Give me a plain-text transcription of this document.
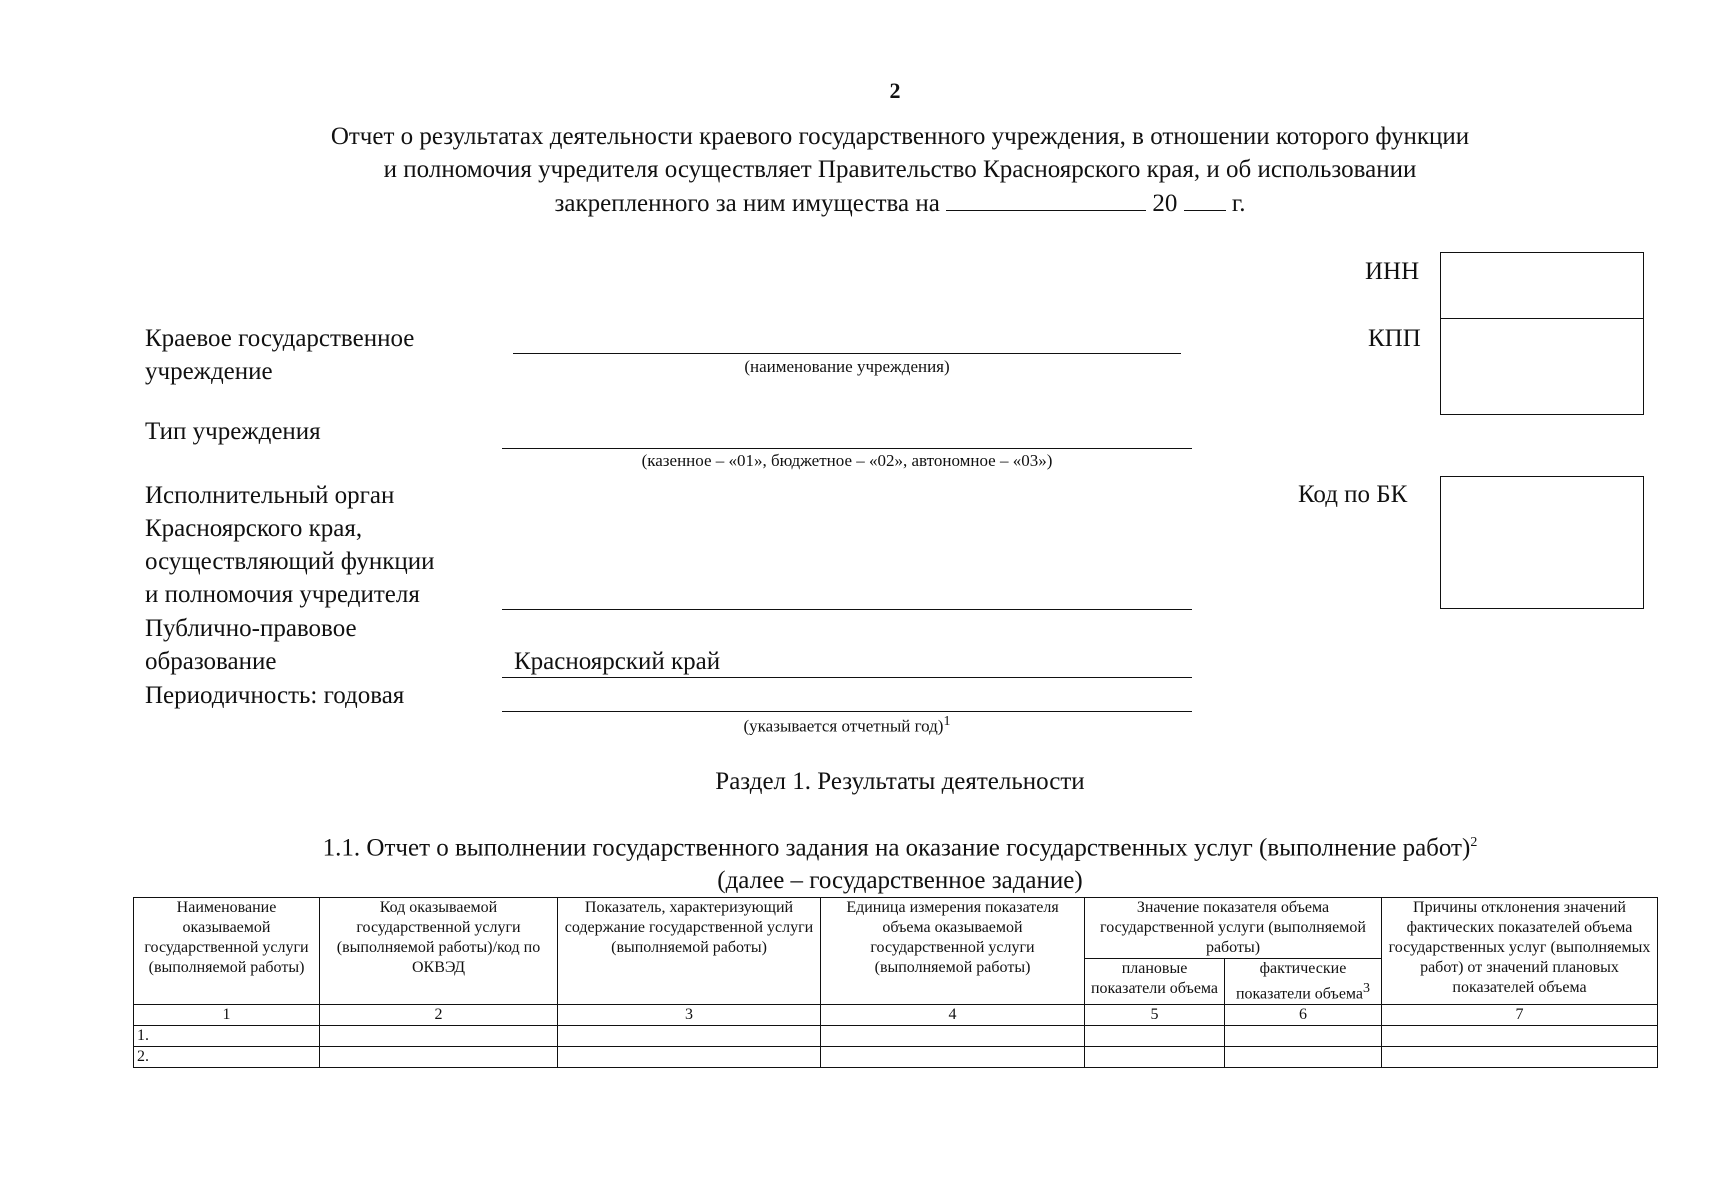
2
Отчет о результатах деятельности краевого государственного учреждения, в отношении которого функции
и полномочия учредителя осуществляет Правительство Красноярского края, и об использовании
закрепленного за ним имущества на	20 г.
ИНН
КПП
Код по БК
Краевое государственное
учреждение	(наименование учреждения)
Тип учреждения
(казенное – «01», бюджетное – «02», автономное – «03»)
Исполнительный орган
Красноярского края,
осуществляющий функции
и полномочия учредителя
Публично-правовое
образование	Красноярский край
Периодичность: годовая
(указывается отчетный год)$^1$
Раздел 1. Результаты деятельности
1.1. Отчет о выполнении государственного задания на оказание государственных услуг (выполнение работ)$^2$
(далее – государственное задание)
Наименование оказываемой государственной услуги (выполняемой работы)	Код оказываемой государственной услуги (выполняемой работы)/код по ОКВЭД	Показатель, характеризующий содержание государственной услуги (выполняемой работы)	Единица измерения показателя объема оказываемой государственной услуги (выполняемой работы)	Значение показателя объема государственной услуги (выполняемой работы)		Причины отклонения значений фактических показателей объема государственных услуг (выполняемых работ) от значений плановых показателей объема
				плановые показатели объема	фактические показатели объема$^3$
1	2	3	4	5	6	7
1.						
2.						
